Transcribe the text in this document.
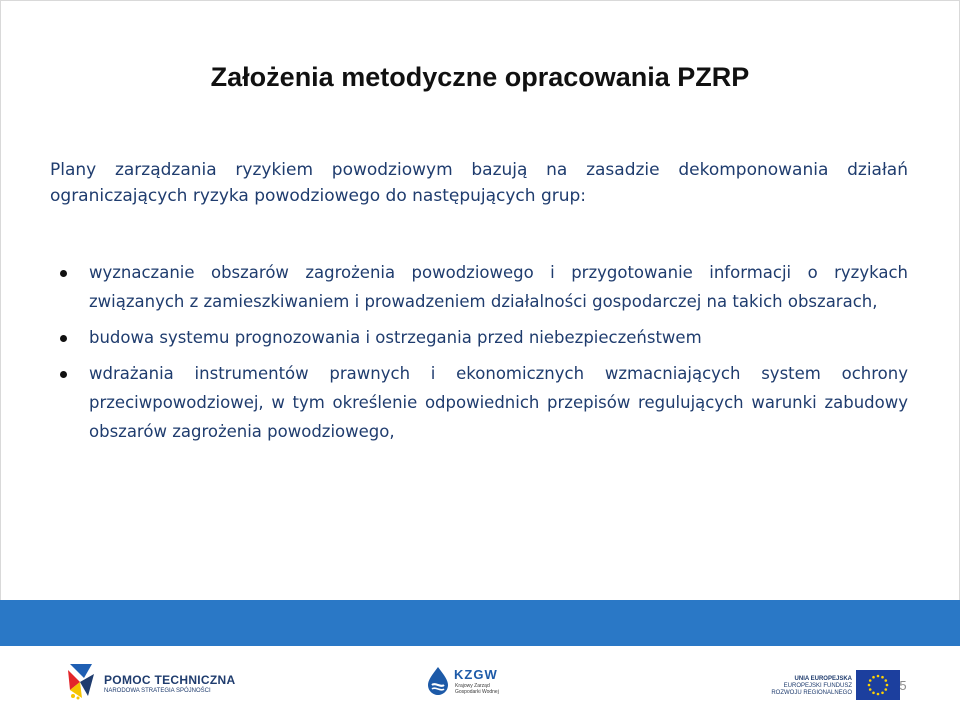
Założenia metodyczne opracowania PZRP

Plany zarządzania ryzykiem powodziowym bazują na zasadzie dekomponowania działań ograniczających ryzyka powodziowego do następujących grup:

wyznaczanie obszarów zagrożenia powodziowego i przygotowanie informacji o ryzykach związanych z zamieszkiwaniem i prowadzeniem działalności gospodarczej na takich obszarach,
budowa systemu prognozowania i ostrzegania przed niebezpieczeństwem
wdrażania instrumentów prawnych i ekonomicznych wzmacniających system ochrony przeciwpowodziowej, w tym określenie odpowiednich przepisów regulujących warunki zabudowy obszarów zagrożenia powodziowego,
POMOC TECHNICZNA
NARODOWA STRATEGIA SPÓJNOŚCI
KZGW
Krajowy Zarząd Gospodarki Wodnej
UNIA EUROPEJSKA
EUROPEJSKI FUNDUSZ
ROZWOJU REGIONALNEGO	5
